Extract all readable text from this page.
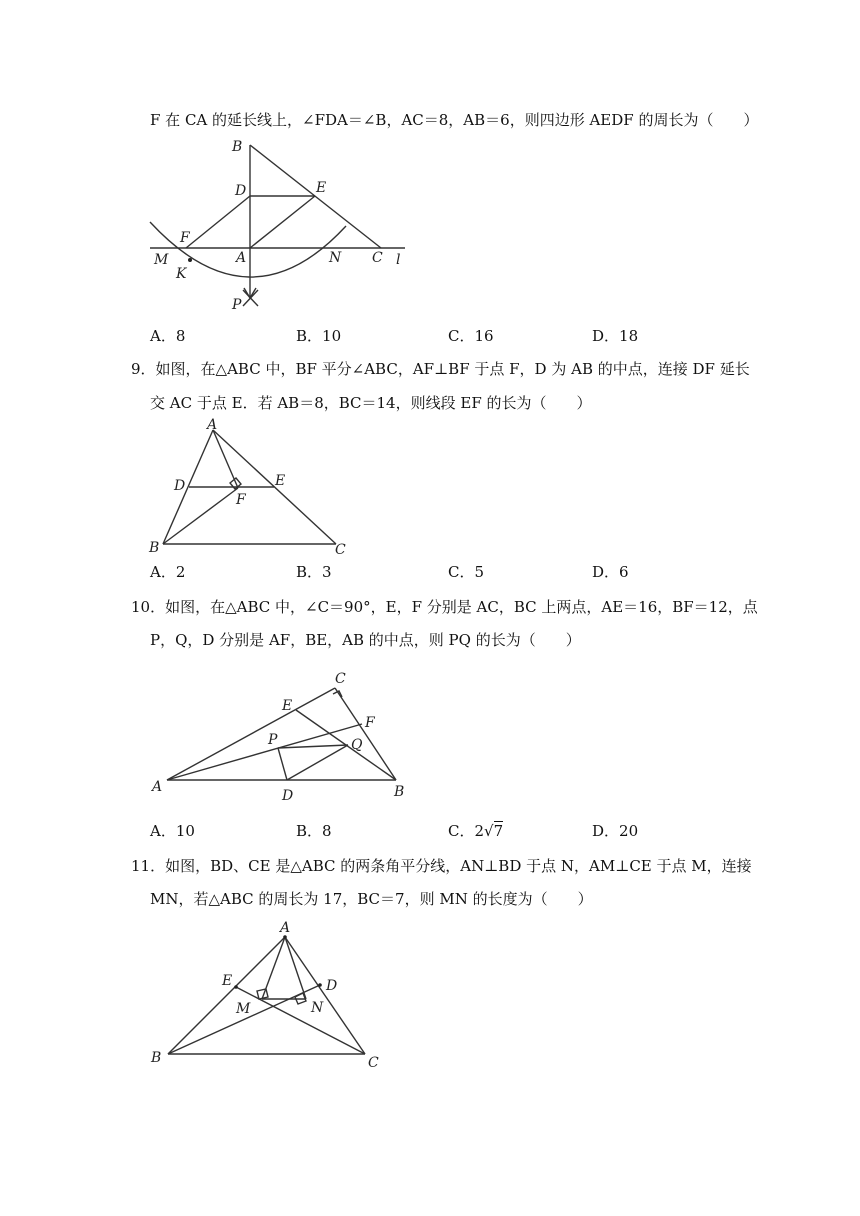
F 在 CA 的延长线上，∠FDA＝∠B，AC＝8，AB＝6，则四边形 AEDF 的周长为（　　）
B
D	E
F
M
K
A	N C l
P
A．8	B．10	C．16	D．18
9．如图，在△ABC 中，BF 平分∠ABC，AF⊥BF 于点 F，D 为 AB 的中点，连接 DF 延长
交 AC 于点 E．若 AB＝8，BC＝14，则线段 EF 的长为（　　）
A
D	E
F
B	C
A．2	B．3	C．5	D．6
10．如图，在△ABC 中，∠C＝90°，E，F 分别是 AC，BC 上两点，AE＝16，BF＝12，点
P，Q，D 分别是 AF，BE，AB 的中点，则 PQ 的长为（　　）
C
E
F
P	Q
A
D	B
A．10	B．8	C．2√7	D．20
11．如图，BD、CE 是△ABC 的两条角平分线，AN⊥BD 于点 N，AM⊥CE 于点 M，连接
MN，若△ABC 的周长为 17，BC＝7，则 MN 的长度为（　　）
A
E	D
M	N
B	C
